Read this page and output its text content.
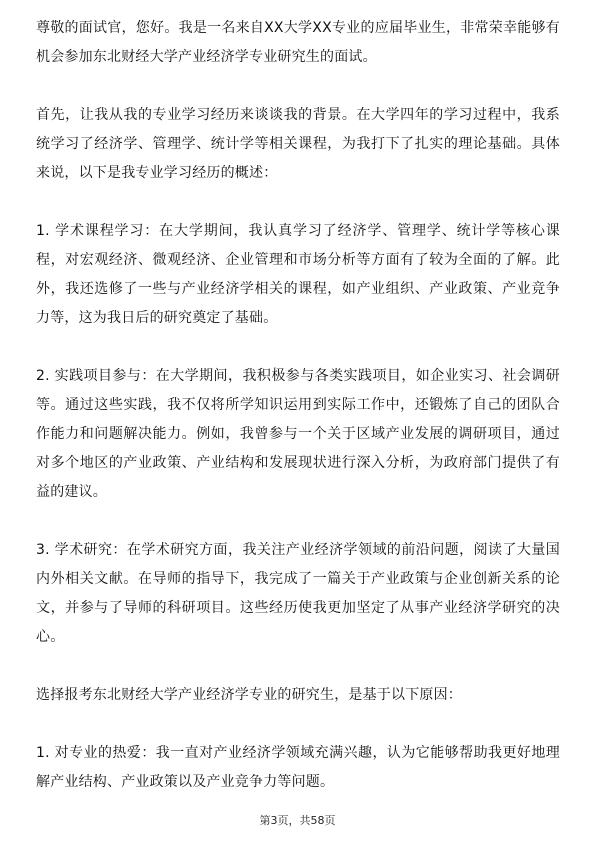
尊敬的面试官，您好。我是一名来自XX大学XX专业的应届毕业生，非常荣幸能够有机会参加东北财经大学产业经济学专业研究生的面试。

首先，让我从我的专业学习经历来谈谈我的背景。在大学四年的学习过程中，我系统学习了经济学、管理学、统计学等相关课程，为我打下了扎实的理论基础。具体来说，以下是我专业学习经历的概述：

1. 学术课程学习：在大学期间，我认真学习了经济学、管理学、统计学等核心课程，对宏观经济、微观经济、企业管理和市场分析等方面有了较为全面的了解。此外，我还选修了一些与产业经济学相关的课程，如产业组织、产业政策、产业竞争力等，这为我日后的研究奠定了基础。

2. 实践项目参与：在大学期间，我积极参与各类实践项目，如企业实习、社会调研等。通过这些实践，我不仅将所学知识运用到实际工作中，还锻炼了自己的团队合作能力和问题解决能力。例如，我曾参与一个关于区域产业发展的调研项目，通过对多个地区的产业政策、产业结构和发展现状进行深入分析，为政府部门提供了有益的建议。

3. 学术研究：在学术研究方面，我关注产业经济学领域的前沿问题，阅读了大量国内外相关文献。在导师的指导下，我完成了一篇关于产业政策与企业创新关系的论文，并参与了导师的科研项目。这些经历使我更加坚定了从事产业经济学研究的决心。

选择报考东北财经大学产业经济学专业的研究生，是基于以下原因：

1. 对专业的热爱：我一直对产业经济学领域充满兴趣，认为它能够帮助我更好地理解产业结构、产业政策以及产业竞争力等问题。

第3页，共58页
